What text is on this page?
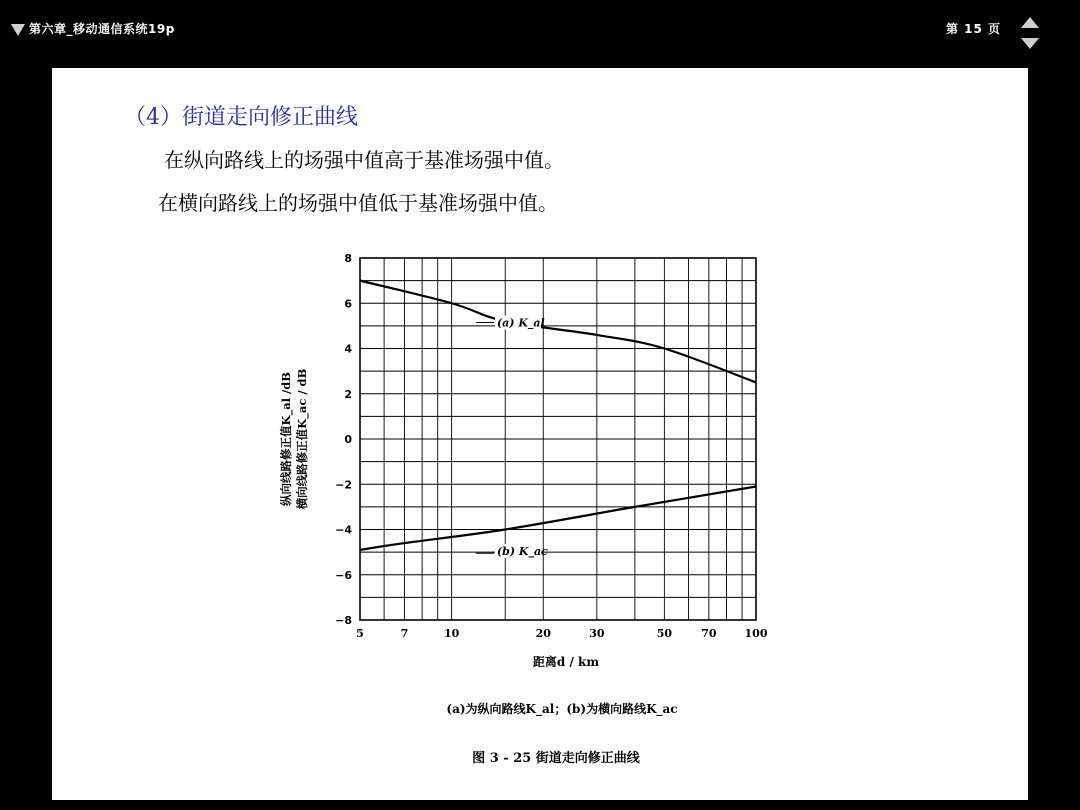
第六章_移动通信系统19p	第 15 页
（4）街道走向修正曲线
在纵向路线上的场强中值高于基准场强中值。
在横向路线上的场强中值低于基准场强中值。
8
6
4
2
0
−2
−4
−6
−8
5	7	10	20	30	50	70	100
距离d / km
纵向线路修正值K_al /dB 横向线路修正值K_ac / dB
(a) K_al
(b) K_ac
(a)为纵向路线K_al；(b)为横向路线K_ac
图 3 - 25 街道走向修正曲线
